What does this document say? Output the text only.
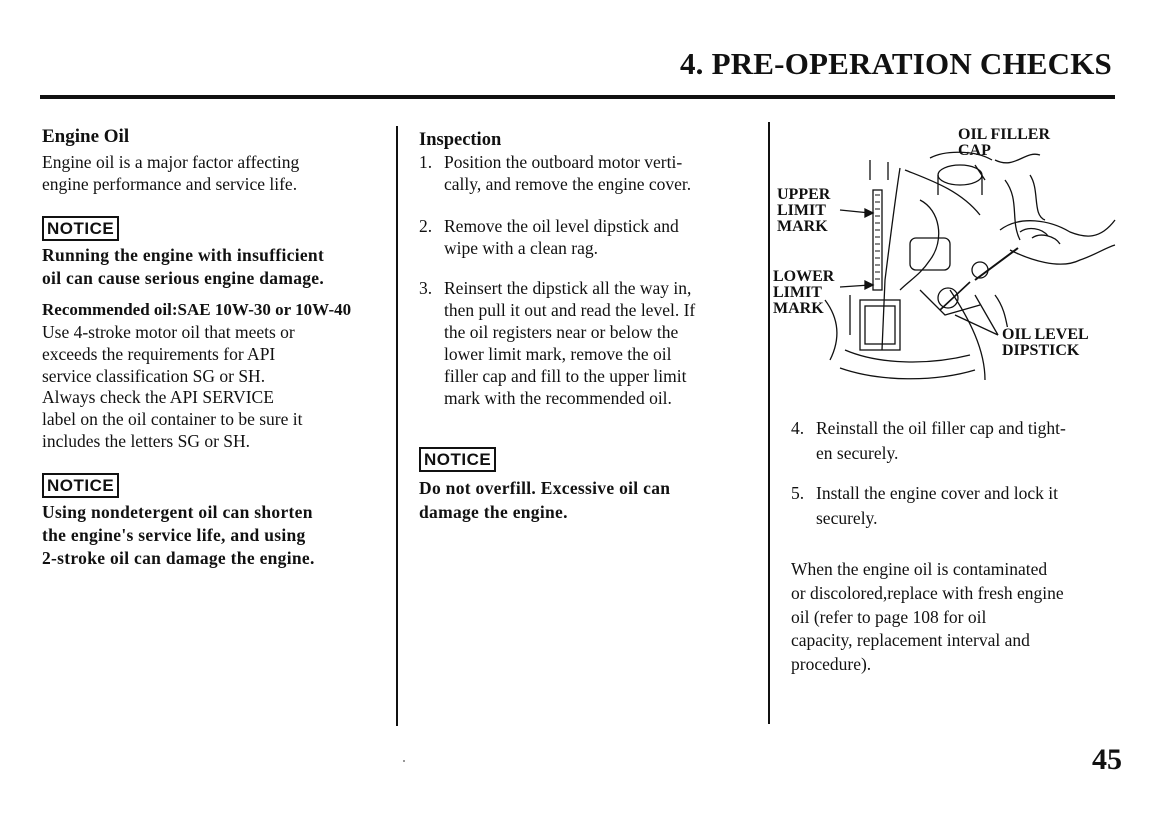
4. PRE-OPERATION CHECKS
Engine Oil
Engine oil is a major factor affecting
engine performance and service life.
NOTICE
Running the engine with insufficient
oil can cause serious engine damage.
Recommended oil:SAE 10W-30 or 10W-40
Use 4-stroke motor oil that meets or
exceeds the requirements for API
service classification SG or SH.
Always check the API SERVICE
label on the oil container to be sure it
includes the letters SG or SH.
NOTICE
Using nondetergent oil can shorten
the engine's service life, and using
2-stroke oil can damage the engine.
Inspection
1. Position the outboard motor verti-
cally, and remove the engine cover.
2. Remove the oil level dipstick and
wipe with a clean rag.
3. Reinsert the dipstick all the way in,
then pull it out and read the level. If
the oil registers near or below the
lower limit mark, remove the oil
filler cap and fill to the upper limit
mark with the recommended oil.
NOTICE
Do not overfill. Excessive oil can
damage the engine.
OIL FILLER
CAP
UPPER
LIMIT
MARK
LOWER
LIMIT
MARK
OIL LEVEL
DIPSTICK
4. Reinstall the oil filler cap and tight-
en securely.
5. Install the engine cover and lock it
securely.
When the engine oil is contaminated
or discolored,replace with fresh engine
oil (refer to page 108 for oil
capacity, replacement interval and
procedure).
45
